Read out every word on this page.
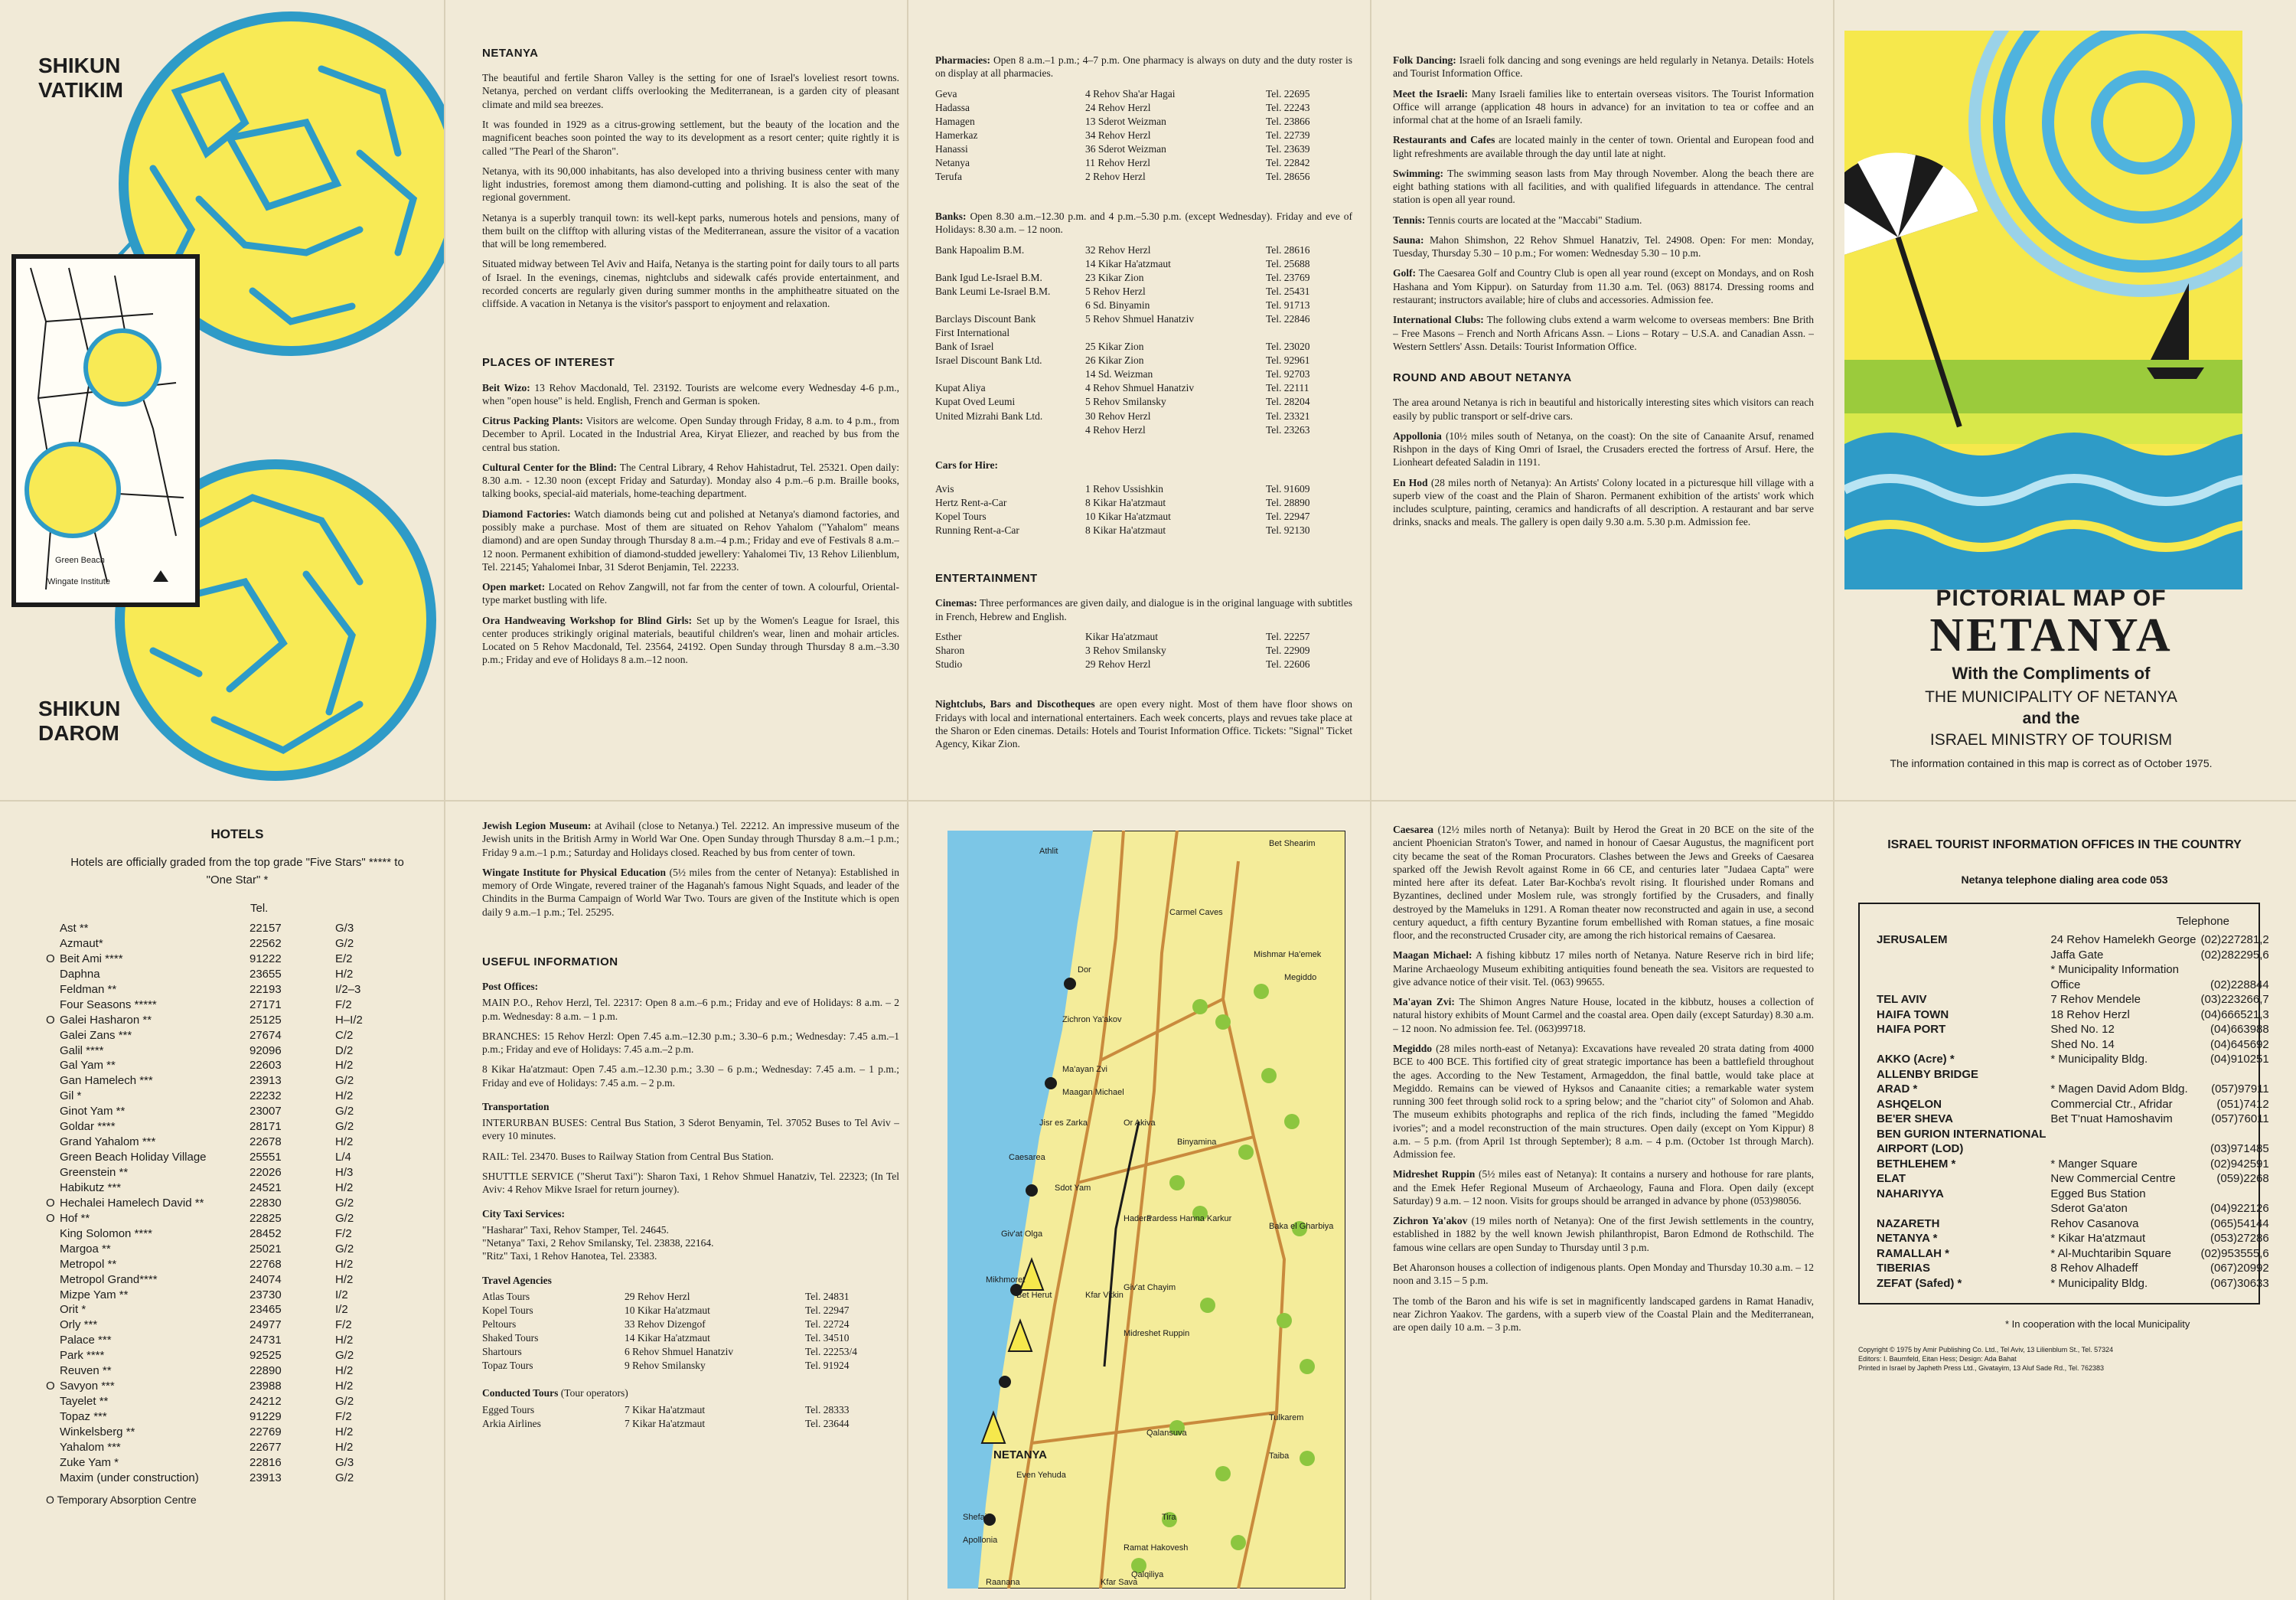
SHIKUN VATIKIM
SHIKUN DAROM
Green Beach
Wingate Institute
NETANYA

The beautiful and fertile Sharon Valley is the setting for one of Israel's loveliest resort towns. Netanya, perched on verdant cliffs overlooking the Mediterranean, is a garden city of pleasant climate and mild sea breezes.

It was founded in 1929 as a citrus-growing settlement, but the beauty of the location and the magnificent beaches soon pointed the way to its development as a resort center; quite rightly it is called "The Pearl of the Sharon".

Netanya, with its 90,000 inhabitants, has also developed into a thriving business center with many light industries, foremost among them diamond-cutting and polishing. It is also the seat of the regional government.

Netanya is a superbly tranquil town: its well-kept parks, numerous hotels and pensions, many of them built on the clifftop with alluring vistas of the Mediterranean, assure the visitor of a vacation that will be long remembered.

Situated midway between Tel Aviv and Haifa, Netanya is the starting point for daily tours to all parts of Israel. In the evenings, cinemas, nightclubs and sidewalk cafés provide entertainment, and recorded concerts are regularly given during summer months in the amphitheatre situated on the cliffside. A vacation in Netanya is the visitor's passport to enjoyment and relaxation.

PLACES OF INTEREST

Beit Wizo: 13 Rehov Macdonald, Tel. 23192. Tourists are welcome every Wednesday 4-6 p.m., when "open house" is held. English, French and German is spoken.

Citrus Packing Plants: Visitors are welcome. Open Sunday through Friday, 8 a.m. to 4 p.m., from December to April. Located in the Industrial Area, Kiryat Eliezer, and reached by bus from the central bus station.

Cultural Center for the Blind: The Central Library, 4 Rehov Hahistadrut, Tel. 25321. Open daily: 8.30 a.m. - 12.30 noon (except Friday and Saturday). Monday also 4 p.m.–6 p.m. Braille books, talking books, special-aid materials, home-teaching department.

Diamond Factories: Watch diamonds being cut and polished at Netanya's diamond factories, and possibly make a purchase. Most of them are situated on Rehov Yahalom ("Yahalom" means diamond) and are open Sunday through Thursday 8 a.m.–4 p.m.; Friday and eve of Festivals 8 a.m.–12 noon. Permanent exhibition of diamond-studded jewellery: Yahalomei Tiv, 13 Rehov Lilienblum, Tel. 22145; Yahalomei Inbar, 31 Sderot Benjamin, Tel. 22233.

Open market: Located on Rehov Zangwill, not far from the center of town. A colourful, Oriental-type market bustling with life.

Ora Handweaving Workshop for Blind Girls: Set up by the Women's League for Israel, this center produces strikingly original materials, beautiful children's wear, linen and mohair articles. Located on 5 Rehov Macdonald, Tel. 23564, 24192. Open Sunday through Thursday 8 a.m.–3.30 p.m.; Friday and eve of Holidays 8 a.m.–12 noon.

Pharmacies: Open 8 a.m.–1 p.m.; 4–7 p.m. One pharmacy is always on duty and the duty roster is on display at all pharmacies.

Geva	4 Rehov Sha'ar Hagai	Tel. 22695
Hadassa	24 Rehov Herzl	Tel. 22243
Hamagen	13 Sderot Weizman	Tel. 23866
Hamerkaz	34 Rehov Herzl	Tel. 22739
Hanassi	36 Sderot Weizman	Tel. 23639
Netanya	11 Rehov Herzl	Tel. 22842
Terufa	2 Rehov Herzl	Tel. 28656

Banks: Open 8.30 a.m.–12.30 p.m. and 4 p.m.–5.30 p.m. (except Wednesday). Friday and eve of Holidays: 8.30 a.m. – 12 noon.

Bank Hapoalim B.M.	32 Rehov Herzl	Tel. 28616
	14 Kikar Ha'atzmaut	Tel. 25688
Bank Igud Le-Israel B.M.	23 Kikar Zion	Tel. 23769
Bank Leumi Le-Israel B.M.	5 Rehov Herzl	Tel. 25431
	6 Sd. Binyamin	Tel. 91713
Barclays Discount Bank	5 Rehov Shmuel Hanatziv	Tel. 22846
First International		
Bank of Israel	25 Kikar Zion	Tel. 23020
Israel Discount Bank Ltd.	26 Kikar Zion	Tel. 92961
	14 Sd. Weizman	Tel. 92703
Kupat Aliya	4 Rehov Shmuel Hanatziv	Tel. 22111
Kupat Oved Leumi	5 Rehov Smilansky	Tel. 28204
United Mizrahi Bank Ltd.	30 Rehov Herzl	Tel. 23321
	4 Rehov Herzl	Tel. 23263

Cars for Hire:

Avis	1 Rehov Ussishkin	Tel. 91609
Hertz Rent-a-Car	8 Kikar Ha'atzmaut	Tel. 28890
Kopel Tours	10 Kikar Ha'atzmaut	Tel. 22947
Running Rent-a-Car	8 Kikar Ha'atzmaut	Tel. 92130
ENTERTAINMENT

Cinemas: Three performances are given daily, and dialogue is in the original language with subtitles in French, Hebrew and English.

Esther	Kikar Ha'atzmaut	Tel. 22257
Sharon	3 Rehov Smilansky	Tel. 22909
Studio	29 Rehov Herzl	Tel. 22606

Nightclubs, Bars and Discotheques are open every night. Most of them have floor shows on Fridays with local and international entertainers. Each week concerts, plays and revues take place at the Sharon or Eden cinemas. Details: Hotels and Tourist Information Office. Tickets: "Signal" Ticket Agency, Kikar Zion.

Folk Dancing: Israeli folk dancing and song evenings are held regularly in Netanya. Details: Hotels and Tourist Information Office.

Meet the Israeli: Many Israeli families like to entertain overseas visitors. The Tourist Information Office will arrange (application 48 hours in advance) for an invitation to tea or coffee and an informal chat at the home of an Israeli family.

Restaurants and Cafes are located mainly in the center of town. Oriental and European food and light refreshments are available through the day until late at night.

Swimming: The swimming season lasts from May through November. Along the beach there are eight bathing stations with all facilities, and with qualified lifeguards in attendance. The central station is open all year round.

Tennis: Tennis courts are located at the "Maccabi" Stadium.

Sauna: Mahon Shimshon, 22 Rehov Shmuel Hanatziv, Tel. 24908. Open: For men: Monday, Tuesday, Thursday 5.30 – 10 p.m.; For women: Wednesday 5.30 – 10 p.m.

Golf: The Caesarea Golf and Country Club is open all year round (except on Mondays, and on Rosh Hashana and Yom Kippur). on Saturday from 11.30 a.m. Tel. (063) 88174. Dressing rooms and restaurant; instructors available; hire of clubs and accessories. Admission fee.

International Clubs: The following clubs extend a warm welcome to overseas members: Bne Brith – Free Masons – French and North Africans Assn. – Lions – Rotary – U.S.A. and Canadian Assn. – Western Settlers' Assn. Details: Tourist Information Office.

ROUND AND ABOUT NETANYA

The area around Netanya is rich in beautiful and historically interesting sites which visitors can reach easily by public transport or self-drive cars.

Appollonia (10½ miles south of Netanya, on the coast): On the site of Canaanite Arsuf, renamed Rishpon in the days of King Omri of Israel, the Crusaders erected the fortress of Arsuf. Here, the Lionheart defeated Saladin in 1191.

En Hod (28 miles north of Netanya): An Artists' Colony located in a picturesque hill village with a superb view of the coast and the Plain of Sharon. Permanent exhibition of the artists' work which includes sculpture, painting, ceramics and handicrafts of all description. A restaurant and bar serve drinks, snacks and meals. The gallery is open daily 9.30 a.m. 5.30 p.m. Admission fee.

PICTORIAL MAP OF
NETANYA
With the Compliments of
THE MUNICIPALITY OF NETANYA
and the
ISRAEL MINISTRY OF TOURISM
The information contained in this map is correct as of October 1975.
HOTELS
Hotels are officially graded from the top grade "Five Stars" ***** to "One Star" *
		Tel.	
	Ast **	22157	G/3
	Azmaut*	22562	G/2
O	Beit Ami ****	91222	E/2
	Daphna	23655	H/2
	Feldman **	22193	I/2–3
	Four Seasons *****	27171	F/2
O	Galei Hasharon **	25125	H–I/2
	Galei Zans ***	27674	C/2
	Galil ****	92096	D/2
	Gal Yam **	22603	H/2
	Gan Hamelech ***	23913	G/2
	Gil *	22232	H/2
	Ginot Yam **	23007	G/2
	Goldar ****	28171	G/2
	Grand Yahalom ***	22678	H/2
	Green Beach Holiday Village	25551	L/4
	Greenstein **	22026	H/3
	Habikutz ***	24521	H/2
O	Hechalei Hamelech David **	22830	G/2
O	Hof **	22825	G/2
	King Solomon ****	28452	F/2
	Margoa **	25021	G/2
	Metropol **	22768	H/2
	Metropol Grand****	24074	H/2
	Mizpe Yam **	23730	I/2
	Orit *	23465	I/2
	Orly ***	24977	F/2
	Palace ***	24731	H/2
	Park ****	92525	G/2
	Reuven **	22890	H/2
O	Savyon ***	23988	H/2
	Tayelet **	24212	G/2
	Topaz ***	91229	F/2
	Winkelsberg **	22769	H/2
	Yahalom ***	22677	H/2
	Zuke Yam *	22816	G/3
	Maxim (under construction)	23913	G/2
O Temporary Absorption Centre

Jewish Legion Museum: at Avihail (close to Netanya.) Tel. 22212. An impressive museum of the Jewish units in the British Army in World War One. Open Sunday through Thursday 8 a.m.–1 p.m.; Friday 9 a.m.–1 p.m.; Saturday and Holidays closed. Reached by bus from center of town.

Wingate Institute for Physical Education (5½ miles from the center of Netanya): Established in memory of Orde Wingate, revered trainer of the Haganah's famous Night Squads, and leader of the Chindits in the Burma Campaign of World War Two. Tours are given of the Institute which is open daily 9 a.m.–1 p.m.; Tel. 25295.

USEFUL INFORMATION

Post Offices:

MAIN P.O., Rehov Herzl, Tel. 22317: Open 8 a.m.–6 p.m.; Friday and eve of Holidays: 8 a.m. – 2 p.m. Wednesday: 8 a.m. – 1 p.m.

BRANCHES: 15 Rehov Herzl: Open 7.45 a.m.–12.30 p.m.; 3.30–6 p.m.; Wednesday: 7.45 a.m.–1 p.m.; Friday and eve of Holidays: 7.45 a.m.–2 p.m.

8 Kikar Ha'atzmaut: Open 7.45 a.m.–12.30 p.m.; 3.30 – 6 p.m.; Wednesday: 7.45 a.m. – 1 p.m.; Friday and eve of Holidays: 7.45 a.m. – 2 p.m.

Transportation

INTERURBAN BUSES: Central Bus Station, 3 Sderot Benyamin, Tel. 37052 Buses to Tel Aviv – every 10 minutes.

RAIL: Tel. 23470. Buses to Railway Station from Central Bus Station.

SHUTTLE SERVICE ("Sherut Taxi"): Sharon Taxi, 1 Rehov Shmuel Hanatziv, Tel. 22323; (In Tel Aviv: 4 Rehov Mikve Israel for return journey).

City Taxi Services:

"Hasharar" Taxi, Rehov Stamper, Tel. 24645.
"Netanya" Taxi, 2 Rehov Smilansky, Tel. 23838, 22164.
"Ritz" Taxi, 1 Rehov Hanotea, Tel. 23383.

Travel Agencies

Atlas Tours	29 Rehov Herzl	Tel. 24831
Kopel Tours	10 Kikar Ha'atzmaut	Tel. 22947
Peltours	33 Rehov Dizengof	Tel. 22724
Shaked Tours	14 Kikar Ha'atzmaut	Tel. 34510
Shartours	6 Rehov Shmuel Hanatziv	Tel. 22253/4
Topaz Tours	9 Rehov Smilansky	Tel. 91924

Conducted Tours (Tour operators)

Egged Tours	7 Kikar Ha'atzmaut	Tel. 28333
Arkia Airlines	7 Kikar Ha'atzmaut	Tel. 23644
Athlit
Bet Shearim
Carmel Caves
Mishmar Ha'emek
Dor
Megiddo
Zichron Ya'akov
Ma'ayan Zvi
Maagan Michael
Jisr es Zarka	Or Akiva
Binyamina
Caesarea
Sdot Yam
Pardess Hanna Karkur
Giv'at Olga
Hadera
Mikhmoret
Baka el Gharbiya
Giv'at Chayim
Bet Herut	Kfar Vitkin
Midreshet Ruppin
Qalansuva
NETANYA
Even Yehuda
Tulkarem
Taiba
Shefaim
Apollonia
Tira
Ramat Hakovesh
Qalqiliya
Raanana	Kfar Sava

Caesarea (12½ miles north of Netanya): Built by Herod the Great in 20 BCE on the site of the ancient Phoenician Straton's Tower, and named in honour of Caesar Augustus, the magnificent port city became the seat of the Roman Procurators. Clashes between the Jews and Greeks of Caesarea sparked off the Jewish Revolt against Rome in 66 CE, and centuries later "Judaea Capta" were minted here after its defeat. Later Bar-Kochba's revolt rising. It flourished under Romans and Byzantines, declined under Moslem rule, was strongly fortified by the Crusaders, and finally destroyed by the Mameluks in 1291. A Roman theater now reconstructed and again in use, a second century aqueduct, a fifth century Byzantine forum embellished with Roman statues, a fine mosaic floor, and the reconstructed Crusader city, are among the rich historical remains of Caesarea.

Maagan Michael: A fishing kibbutz 17 miles north of Netanya. Nature Reserve rich in bird life; Marine Archaeology Museum exhibiting antiquities found beneath the sea. Visitors are requested to give advance notice of their visit. Tel. (063) 99655.

Ma'ayan Zvi: The Shimon Angres Nature House, located in the kibbutz, houses a collection of natural history exhibits of Mount Carmel and the coastal area. Open daily (except Saturday) 8.30 a.m. – 12 noon. No admission fee. Tel. (063)99718.

Megiddo (28 miles north-east of Netanya): Excavations have revealed 20 strata dating from 4000 BCE to 400 BCE. This fortified city of great strategic importance has been a battlefield throughout the ages. According to the New Testament, Armageddon, the final battle, would take place at Megiddo. Remains can be viewed of Hyksos and Canaanite cities; a remarkable water system running 300 feet through solid rock to a spring below; and the "chariot city" of Solomon and Ahab. The museum exhibits photographs and replica of the rich finds, including the famed "Megiddo ivories"; and a model reconstruction of the main structures. Open daily (except on Yom Kippur) 8 a.m. – 5 p.m. (from April 1st through September); 8 a.m. – 4 p.m. (October 1st through March). Admission fee.

Midreshet Ruppin (5½ miles east of Netanya): It contains a nursery and hothouse for rare plants, and the Emek Hefer Regional Museum of Archaeology, Fauna and Flora. Open daily (except Saturday) 9 a.m. – 12 noon. Visits for groups should be arranged in advance by phone (053)98056.

Zichron Ya'akov (19 miles north of Netanya): One of the first Jewish settlements in the country, established in 1882 by the well known Jewish philanthropist, Baron Edmond de Rothschild. The famous wine cellars are open Sunday to Thursday until 3 p.m.

Bet Aharonson houses a collection of indigenous plants. Open Monday and Thursday 10.30 a.m. – 12 noon and 3.15 – 5 p.m.

The tomb of the Baron and his wife is set in magnificently landscaped gardens in Ramat Hanadiv, near Zichron Yaakov. The gardens, with a superb view of the Coastal Plain and the Mediterranean, are open daily 10 a.m. – 3 p.m.

ISRAEL TOURIST INFORMATION OFFICES IN THE COUNTRY
Netanya telephone dialing area code 053
Telephone
JERUSALEM	24 Rehov Hamelekh George	(02)227281,2
	Jaffa Gate	(02)282295,6
	* Municipality Information	
	Office	(02)228844
TEL AVIV	7 Rehov Mendele	(03)223266,7
HAIFA TOWN	18 Rehov Herzl	(04)666521,3
HAIFA PORT	Shed No. 12	(04)663988
	Shed No. 14	(04)645692
AKKO (Acre) *	* Municipality Bldg.	(04)910251
ALLENBY BRIDGE		
ARAD *	* Magen David Adom Bldg.	(057)97911
ASHQELON	Commercial Ctr., Afridar	(051)7412
BE'ER SHEVA	Bet T'nuat Hamoshavim	(057)76011
BEN GURION INTERNATIONAL		
AIRPORT (LOD)		(03)971485
BETHLEHEM *	* Manger Square	(02)942591
ELAT	New Commercial Centre	(059)2268
NAHARIYYA	Egged Bus Station	
	Sderot Ga'aton	(04)922126
NAZARETH	Rehov Casanova	(065)54144
NETANYA *	* Kikar Ha'atzmaut	(053)27286
RAMALLAH *	* Al-Muchtaribin Square	(02)953555,6
TIBERIAS	8 Rehov Alhadeff	(067)20992
ZEFAT (Safed) *	* Municipality Bldg.	(067)30633
* In cooperation with the local Municipality
Copyright © 1975 by Amir Publishing Co. Ltd., Tel Aviv, 13 Lilienblum St., Tel. 57324
Editors: I. Baumfeld, Eitan Hess; Design: Ada Bahat
Printed in Israel by Japheth Press Ltd., Givatayim, 13 Aluf Sade Rd., Tel. 762383
